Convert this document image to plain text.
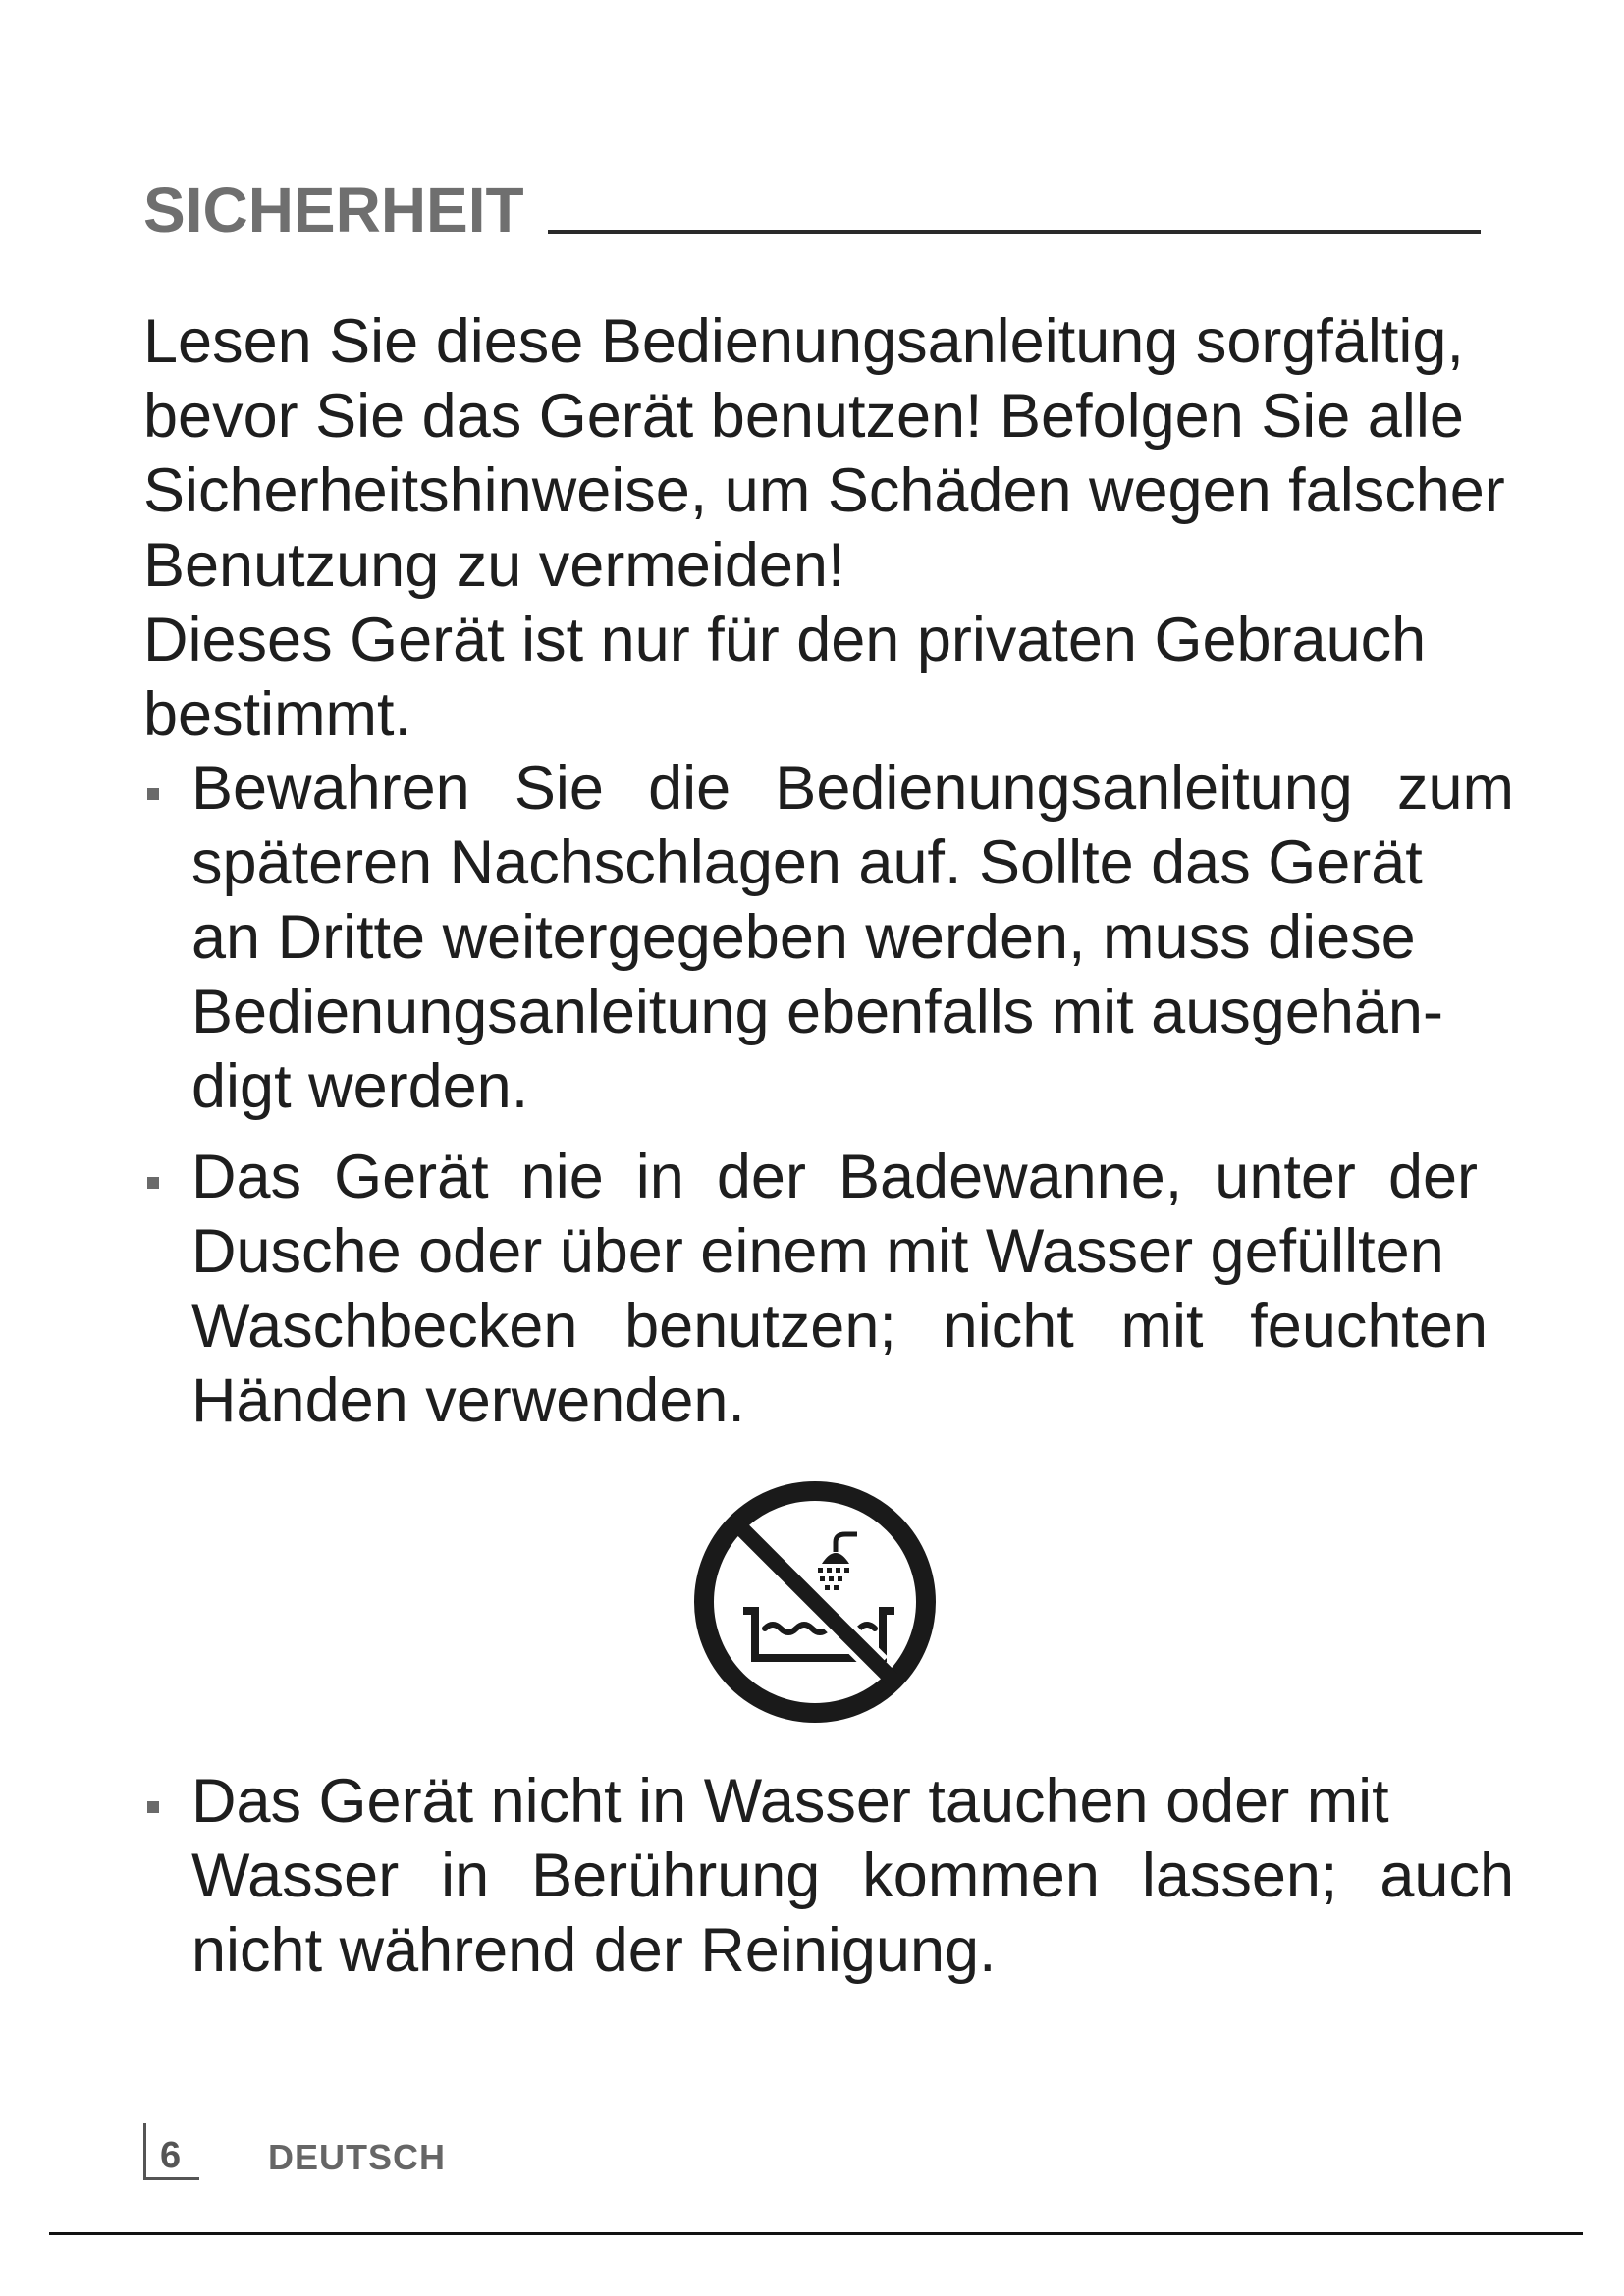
SICHERHEIT
Lesen Sie diese Bedienungsanleitung sorgfältig,
bevor Sie das Gerät benutzen! Befolgen Sie alle
Sicherheitshinweise, um Schäden wegen falscher
Benutzung zu vermeiden!
Dieses Gerät ist nur für den privaten Gebrauch
bestimmt.
Bewahren Sie die Bedienungsanleitung zum
späteren Nachschlagen auf. Sollte das Gerät
an Dritte weitergegeben werden, muss diese
Bedienungsanleitung ebenfalls mit ausgehän-
digt werden.
Das Gerät nie in der Badewanne, unter der
Dusche oder über einem mit Wasser gefüllten
Waschbecken benutzen; nicht mit feuchten
Händen verwenden.
Das Gerät nicht in Wasser tauchen oder mit
Wasser in Berührung kommen lassen; auch
nicht während der Reinigung.
6 DEUTSCH
